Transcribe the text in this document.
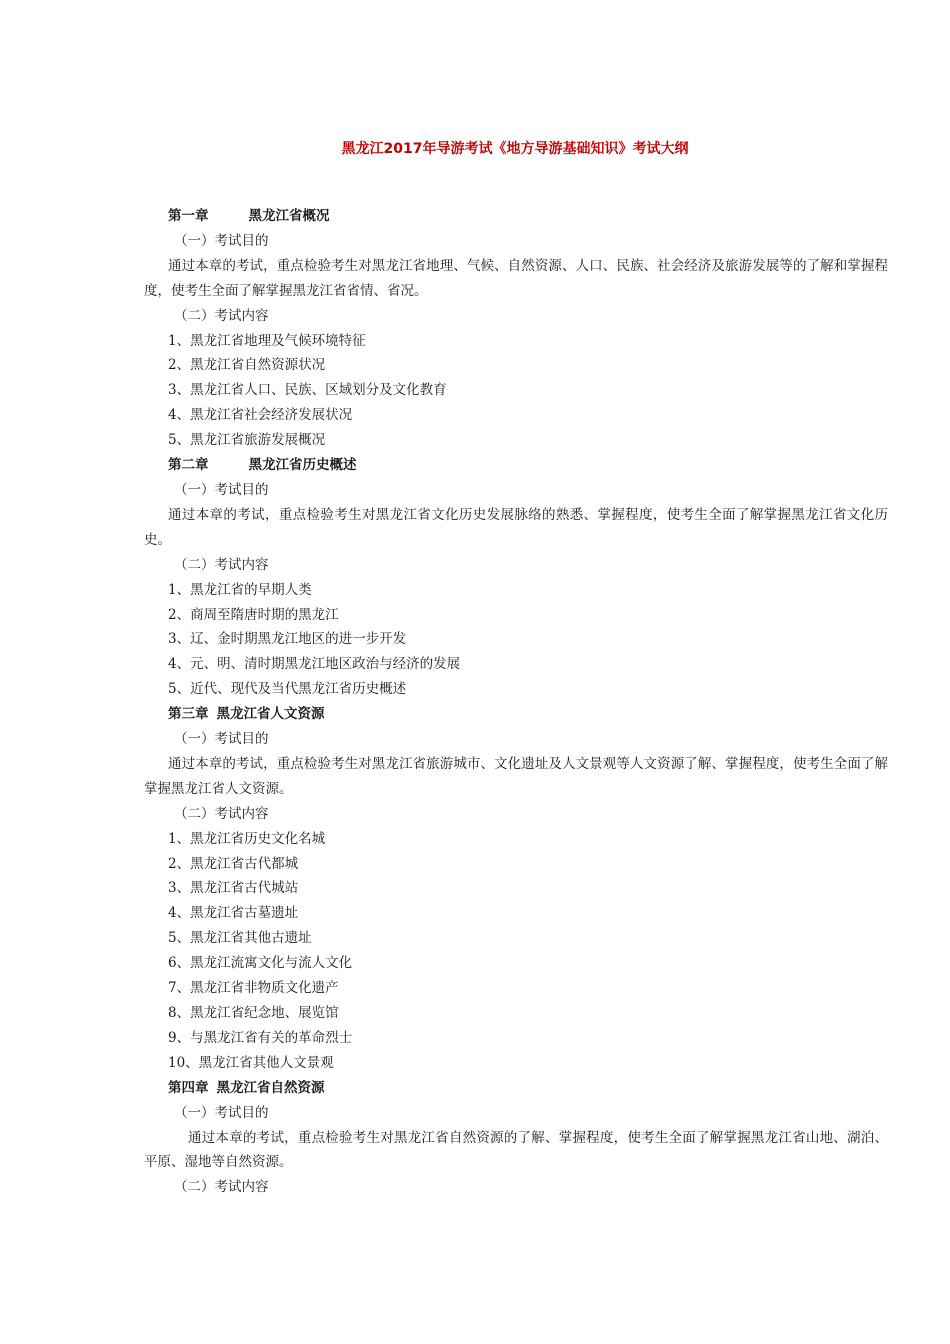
黑龙江2017年导游考试《地方导游基础知识》考试大纲

第一章	黑龙江省概况

（一）考试目的

通过本章的考试，重点检验考生对黑龙江省地理、气候、自然资源、人口、民族、社会经济及旅游发展等的了解和掌握程度，使考生全面了解掌握黑龙江省省情、省况。

（二）考试内容

1、黑龙江省地理及气候环境特征

2、黑龙江省自然资源状况

3、黑龙江省人口、民族、区域划分及文化教育

4、黑龙江省社会经济发展状况

5、黑龙江省旅游发展概况

第二章	黑龙江省历史概述

（一）考试目的

通过本章的考试，重点检验考生对黑龙江省文化历史发展脉络的熟悉、掌握程度，使考生全面了解掌握黑龙江省文化历史。

（二）考试内容

1、黑龙江省的早期人类

2、商周至隋唐时期的黑龙江

3、辽、金时期黑龙江地区的进一步开发

4、元、明、清时期黑龙江地区政治与经济的发展

5、近代、现代及当代黑龙江省历史概述

第三章 黑龙江省人文资源

（一）考试目的

通过本章的考试，重点检验考生对黑龙江省旅游城市、文化遗址及人文景观等人文资源了解、掌握程度，使考生全面了解掌握黑龙江省人文资源。

（二）考试内容

1、黑龙江省历史文化名城

2、黑龙江省古代都城

3、黑龙江省古代城站

4、黑龙江省古墓遗址

5、黑龙江省其他古遗址

6、黑龙江流寓文化与流人文化

7、黑龙江省非物质文化遗产

8、黑龙江省纪念地、展览馆

9、与黑龙江省有关的革命烈士

10、黑龙江省其他人文景观

第四章 黑龙江省自然资源

（一）考试目的

通过本章的考试，重点检验考生对黑龙江省自然资源的了解、掌握程度，使考生全面了解掌握黑龙江省山地、湖泊、平原、湿地等自然资源。

（二）考试内容
